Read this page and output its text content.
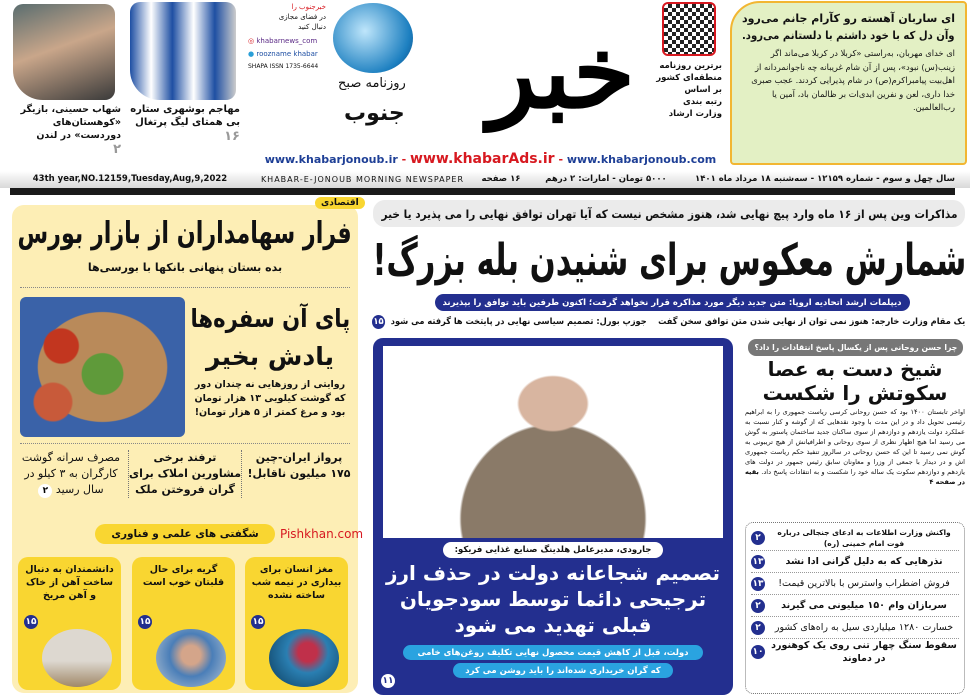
شهاب حسینی، بازیگر «کوهستان‌های دوردست» در لندن
۲
مهاجم بوشهری ستاره بی همتای لیگ پرتغال
۱۶
خبرجنوب را
در فضای مجازی
دنبال کنید
◎ khabarnews_com
● roozname khabar
SHAPA ISSN 1735-6644
روزنامه صبح خبر
جنوب
برترین روزنامه
منطقه‌ای کشور
بر اساس
رتبه بندی
وزارت ارشاد
ای ساربان آهسته رو کآرام جانم می‌رود
وآن دل که با خود داشتم با دلستانم می‌رود.
ای خدای مهربان، به‌راستی «کربلا در کربلا می‌ماند اگر زینب(س) نبود»، پس از آن شام غریبانه چه ناجوانمردانه از اهل‌بیت پیامبراکرم(ص) در شام پذیرایی کردند. عجب صبری خدا داری، لعن و نفرین ابدی‌ات بر ظالمان باد، آمین یا رب‌العالمین.
www.khabarjonoub.ir - www.khabarAds.ir - www.khabarjonoub.com
43th year,NO.12159,Tuesday,Aug,9,2022	KHABAR-E-JONOUB MORNING NEWSPAPER ۱۶ صفحه	۵۰۰۰ تومان - امارات: ۲ درهم	سال چهل و سوم - شماره ۱۲۱۵۹ - سه‌شنبه ۱۸ مرداد ماه ۱۴۰۱
اقتصادی
فرار سهامداران از بازار بورس
بده بستان پنهانی بانکها با بورسی‌ها
پای آن سفره‌ها
یادش بخیر
روایتی از روزهایی نه چندان دور که گوشت کیلویی ۱۳ هزار تومان بود و مرغ کمتر از ۵ هزار تومان!
پرواز ایران-چین ۱۷۵ میلیون ناقابل!
ترفند برخی مشاورین املاک برای گران فروختن ملک
مصرف سرانه گوشت کارگران به ۳ کیلو در سال رسید ۲
شگفتی های علمی و فناوری Pishkhan.com
مغز انسان برای بیداری در نیمه شب ساخته نشده
۱۵
گریه برای حال قلبتان خوب است
۱۵
دانشمندان به دنبال ساخت آهن از خاک و آهن مریخ
۱۵
مذاکرات وین پس از ۱۶ ماه وارد پیچ نهایی شد، هنوز مشخص نیست که آیا تهران توافق نهایی را می پذیرد یا خیر
شمارش معکوس برای شنیدن بله بزرگ!
دیپلمات ارشد اتحادیه اروپا: متن جدید دیگر مورد مذاکره قرار نخواهد گرفت؛ اکنون طرفین باید توافق را بپذیرند
یک مقام وزارت خارجه: هنوز نمی توان از نهایی شدن متن توافق سخن گفت    جوزپ بورل: تصمیم سیاسی نهایی در پایتخت ها گرفته می شود  ۱۵
جارودی، مدیرعامل هلدینگ صنایع غذایی فریکو:
تصمیم شجاعانه دولت در حذف ارز ترجیحی دائما توسط سودجویان قبلی تهدید می شود
دولت، قبل از کاهش قیمت محصول نهایی تکلیف روغن‌های خامی
که گران خریداری شده‌اند را باید روشن می کرد
۱۱
چرا حسن روحانی پس از یکسال پاسخ انتقادات را داد؟
شیخ دست به عصا
سکوتش را شکست
اواخر تابستان ۱۴۰۰ بود که حسن روحانی کرسی ریاست جمهوری را به ابراهیم رئیسی تحویل داد و در این مدت با وجود نقدهایی که از گوشه و کنار نسبت به عملکرد دولت یازدهم و دوازدهم از سوی ساکنان جدید ساختمان پاستور به گوش می رسید اما هیچ اظهار نظری از سوی روحانی و اطرافیانش از هیچ تریبونی به گوش نمی رسید تا این که حسن روحانی در سالروز تنفیذ حکم ریاست جمهوری اش و در دیدار با جمعی از وزرا و معاونان سابق رئیس جمهور در دولت های یازدهم و دوازدهم سکوت یک ساله خود را شکست و به انتقادات پاسخ داد. بقیه در صفحه ۴
واکنش وزارت اطلاعات به ادعای جنجالی درباره فوت امام خمینی (ره)
۲
نذرهایی که به دلیل گرانی ادا نشد
۱۳
فروش اضطراب واسترس با بالاترین قیمت!
۱۳
سربازان وام ۱۵۰ میلیونی می گیرند
۲
خسارت ۱۲۸۰ میلیاردی سیل به راه‌های کشور
۲
سقوط سنگ چهار تنی روی یک کوهنورد در دماوند
۱۰
